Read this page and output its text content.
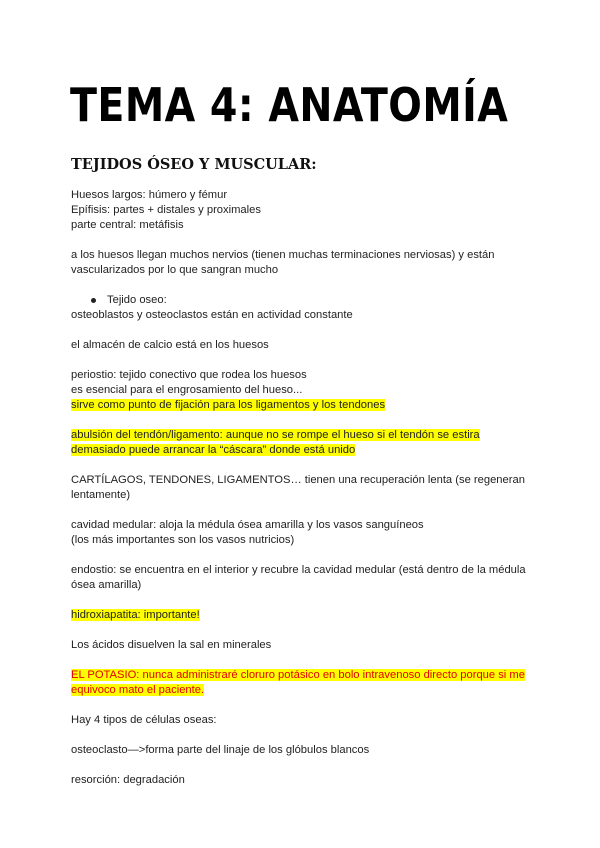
TEMA 4: ANATOMÍA
TEJIDOS ÓSEO Y MUSCULAR:

Huesos largos: húmero y fémur

Epífisis: partes + distales y proximales

parte central: metáfisis

a los huesos llegan muchos nervios (tienen muchas terminaciones nerviosas) y están

vascularizados por lo que sangran mucho

Tejido oseo:

osteoblastos y osteoclastos están en actividad constante

el almacén de calcio está en los huesos

periostio: tejido conectivo que rodea los huesos

es esencial para el engrosamiento del hueso...

sirve como punto de fijación para los ligamentos y los tendones

abulsión del tendón/ligamento: aunque no se rompe el hueso si el tendón se estira

demasiado puede arrancar la “cáscara” donde está unido

CARTÍLAGOS, TENDONES, LIGAMENTOS… tienen una recuperación lenta (se regeneran

lentamente)

cavidad medular: aloja la médula ósea amarilla y los vasos sanguíneos

(los más importantes son los vasos nutricios)

endostio: se encuentra en el interior y recubre la cavidad medular (está dentro de la médula

ósea amarilla)

hidroxiapatita: importante!

Los ácidos disuelven la sal en minerales

EL POTASIO: nunca administraré cloruro potásico en bolo intravenoso directo porque si me

equivoco mato el paciente.

Hay 4 tipos de células oseas:

osteoclasto—>forma parte del linaje de los glóbulos blancos

resorción: degradación
